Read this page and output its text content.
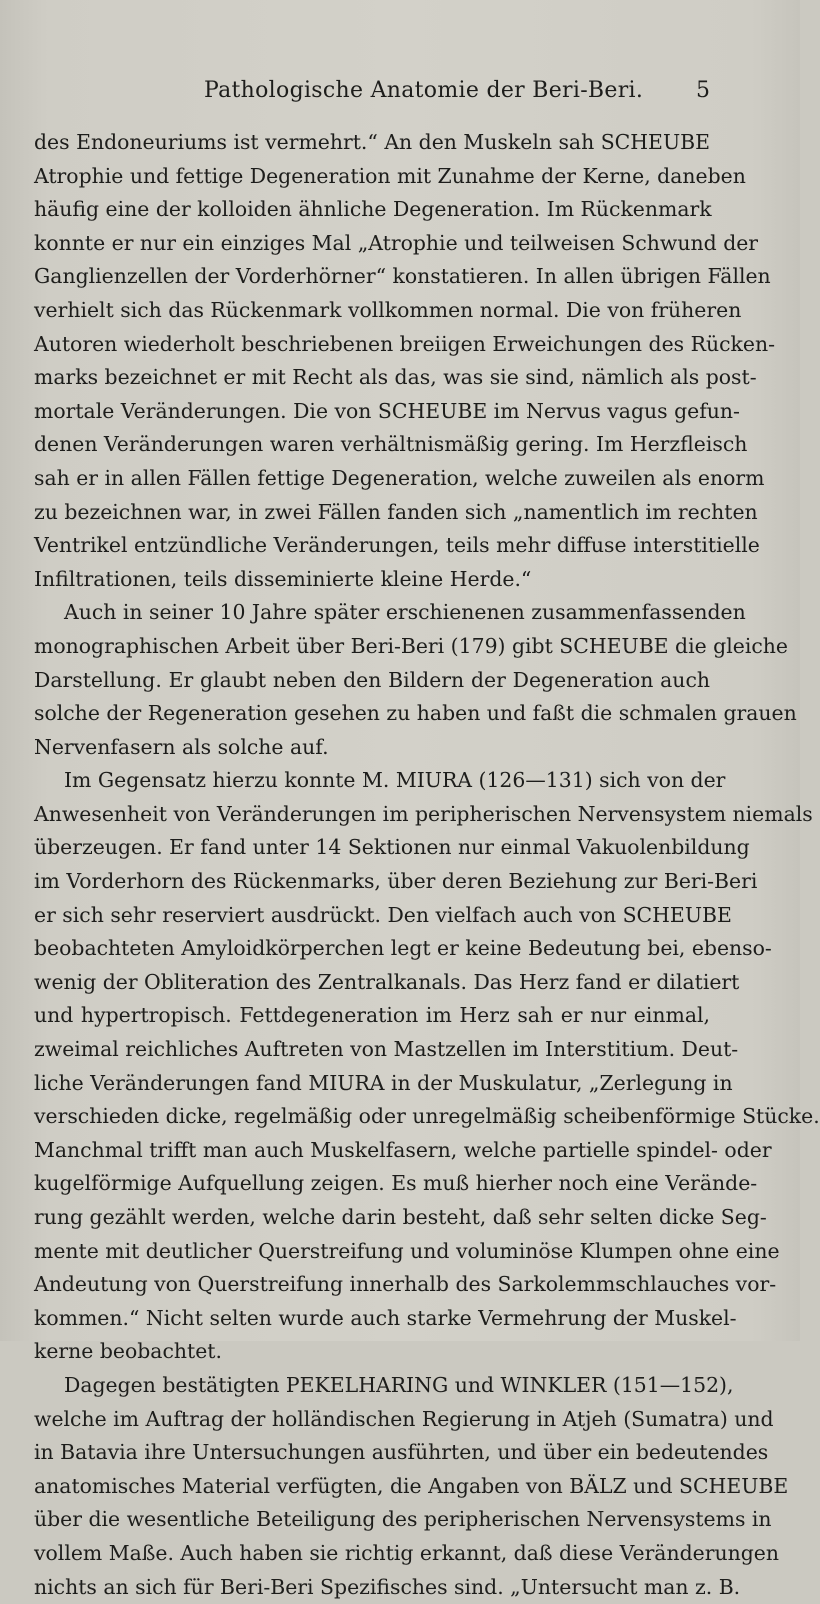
Pathologische Anatomie der Beri-Beri. 5
des Endoneuriums ist vermehrt.“ An den Muskeln sah SCHEUBE
Atrophie und fettige Degeneration mit Zunahme der Kerne, daneben
häufig eine der kolloiden ähnliche Degeneration. Im Rückenmark
konnte er nur ein einziges Mal „Atrophie und teilweisen Schwund der
Ganglienzellen der Vorderhörner“ konstatieren. In allen übrigen Fällen
verhielt sich das Rückenmark vollkommen normal. Die von früheren
Autoren wiederholt beschriebenen breiigen Erweichungen des Rücken-
marks bezeichnet er mit Recht als das, was sie sind, nämlich als post-
mortale Veränderungen. Die von SCHEUBE im Nervus vagus gefun-
denen Veränderungen waren verhältnismäßig gering. Im Herzfleisch
sah er in allen Fällen fettige Degeneration, welche zuweilen als enorm
zu bezeichnen war, in zwei Fällen fanden sich „namentlich im rechten
Ventrikel entzündliche Veränderungen, teils mehr diffuse interstitielle
Infiltrationen, teils disseminierte kleine Herde.“
Auch in seiner 10 Jahre später erschienenen zusammenfassenden
monographischen Arbeit über Beri-Beri (179) gibt SCHEUBE die gleiche
Darstellung. Er glaubt neben den Bildern der Degeneration auch
solche der Regeneration gesehen zu haben und faßt die schmalen grauen
Nervenfasern als solche auf.
Im Gegensatz hierzu konnte M. MIURA (126—131) sich von der
Anwesenheit von Veränderungen im peripherischen Nervensystem niemals
überzeugen. Er fand unter 14 Sektionen nur einmal Vakuolenbildung
im Vorderhorn des Rückenmarks, über deren Beziehung zur Beri-Beri
er sich sehr reserviert ausdrückt. Den vielfach auch von SCHEUBE
beobachteten Amyloidkörperchen legt er keine Bedeutung bei, ebenso-
wenig der Obliteration des Zentralkanals. Das Herz fand er dilatiert
und hypertropisch. Fettdegeneration im Herz sah er nur einmal,
zweimal reichliches Auftreten von Mastzellen im Interstitium. Deut-
liche Veränderungen fand MIURA in der Muskulatur, „Zerlegung in
verschieden dicke, regelmäßig oder unregelmäßig scheibenförmige Stücke.
Manchmal trifft man auch Muskelfasern, welche partielle spindel- oder
kugelförmige Aufquellung zeigen. Es muß hierher noch eine Verände-
rung gezählt werden, welche darin besteht, daß sehr selten dicke Seg-
mente mit deutlicher Querstreifung und voluminöse Klumpen ohne eine
Andeutung von Querstreifung innerhalb des Sarkolemmschlauches vor-
kommen.“ Nicht selten wurde auch starke Vermehrung der Muskel-
kerne beobachtet.
Dagegen bestätigten PEKELHARING und WINKLER (151—152),
welche im Auftrag der holländischen Regierung in Atjeh (Sumatra) und
in Batavia ihre Untersuchungen ausführten, und über ein bedeutendes
anatomisches Material verfügten, die Angaben von BÄLZ und SCHEUBE
über die wesentliche Beteiligung des peripherischen Nervensystems in
vollem Maße. Auch haben sie richtig erkannt, daß diese Veränderungen
nichts an sich für Beri-Beri Spezifisches sind. „Untersucht man z. B.
